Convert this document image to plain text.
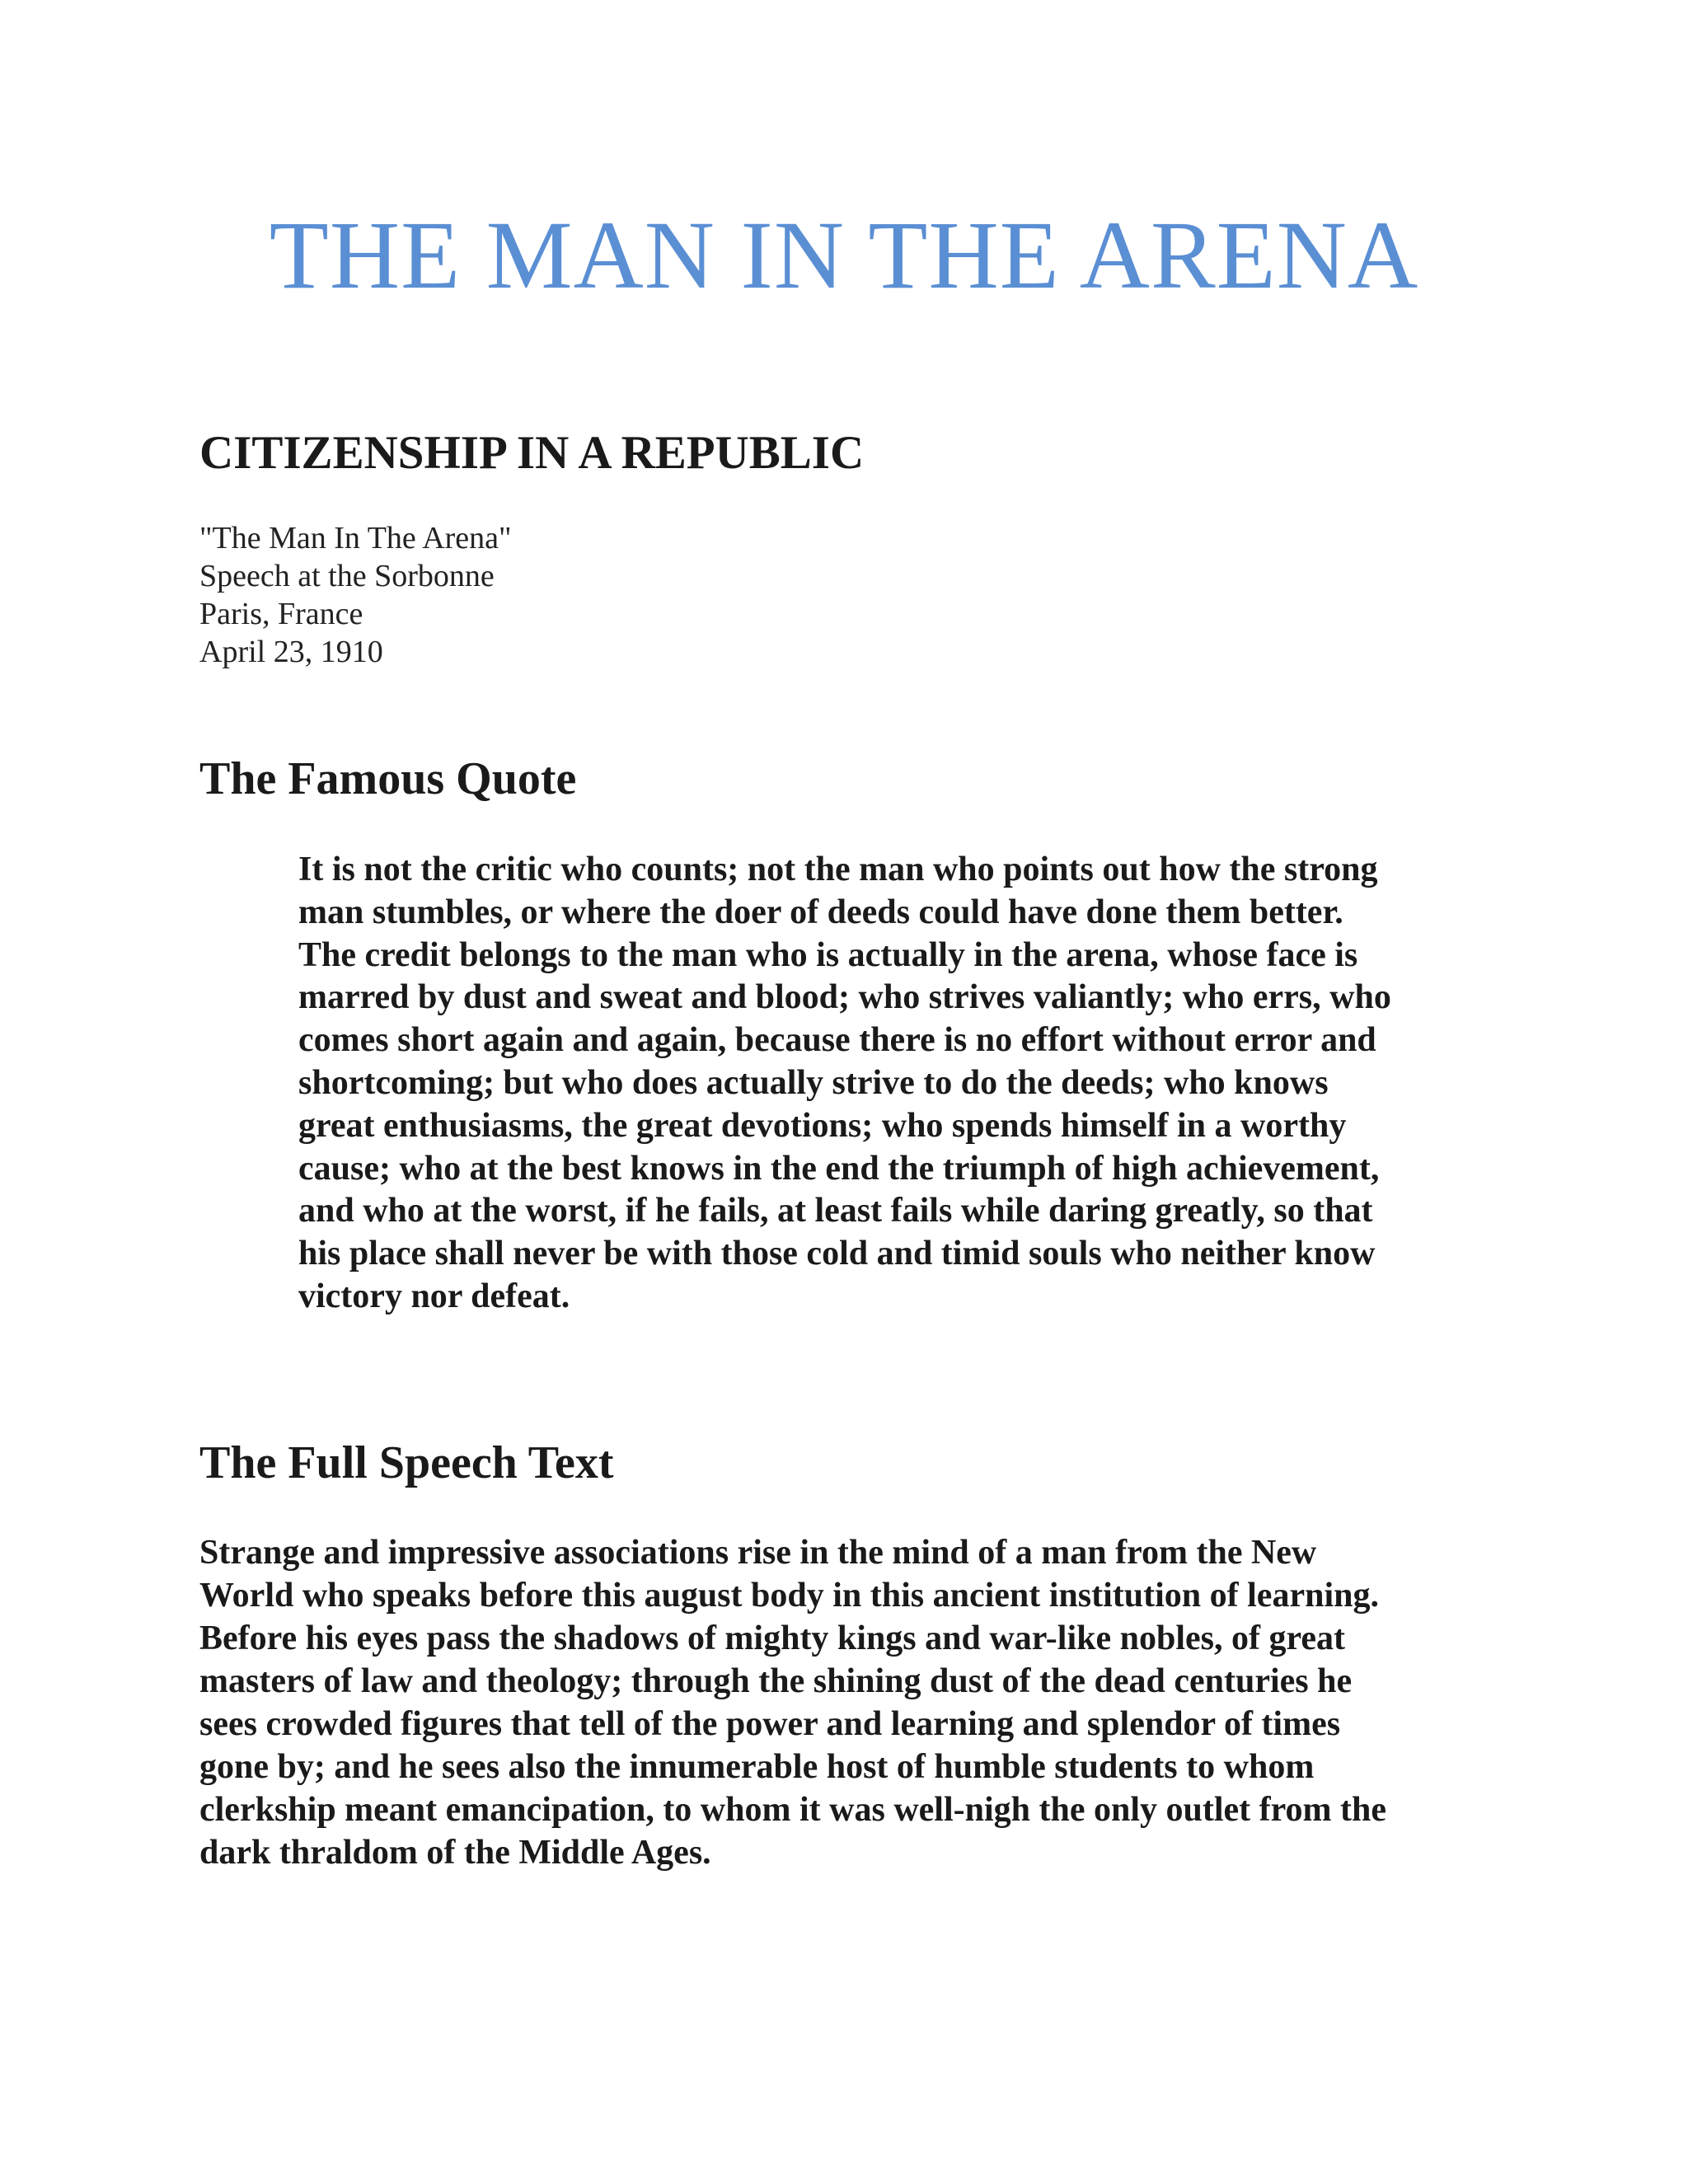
THE MAN IN THE ARENA
CITIZENSHIP IN A REPUBLIC
"The Man In The Arena"
Speech at the Sorbonne
Paris, France
April 23, 1910
The Famous Quote
It is not the critic who counts; not the man who points out how the strong
man stumbles, or where the doer of deeds could have done them better.
The credit belongs to the man who is actually in the arena, whose face is
marred by dust and sweat and blood; who strives valiantly; who errs, who
comes short again and again, because there is no effort without error and
shortcoming; but who does actually strive to do the deeds; who knows
great enthusiasms, the great devotions; who spends himself in a worthy
cause; who at the best knows in the end the triumph of high achievement,
and who at the worst, if he fails, at least fails while daring greatly, so that
his place shall never be with those cold and timid souls who neither know
victory nor defeat.
The Full Speech Text

Strange and impressive associations rise in the mind of a man from the New
World who speaks before this august body in this ancient institution of learning.
Before his eyes pass the shadows of mighty kings and war-like nobles, of great
masters of law and theology; through the shining dust of the dead centuries he
sees crowded figures that tell of the power and learning and splendor of times
gone by; and he sees also the innumerable host of humble students to whom
clerkship meant emancipation, to whom it was well-nigh the only outlet from the
dark thraldom of the Middle Ages.
